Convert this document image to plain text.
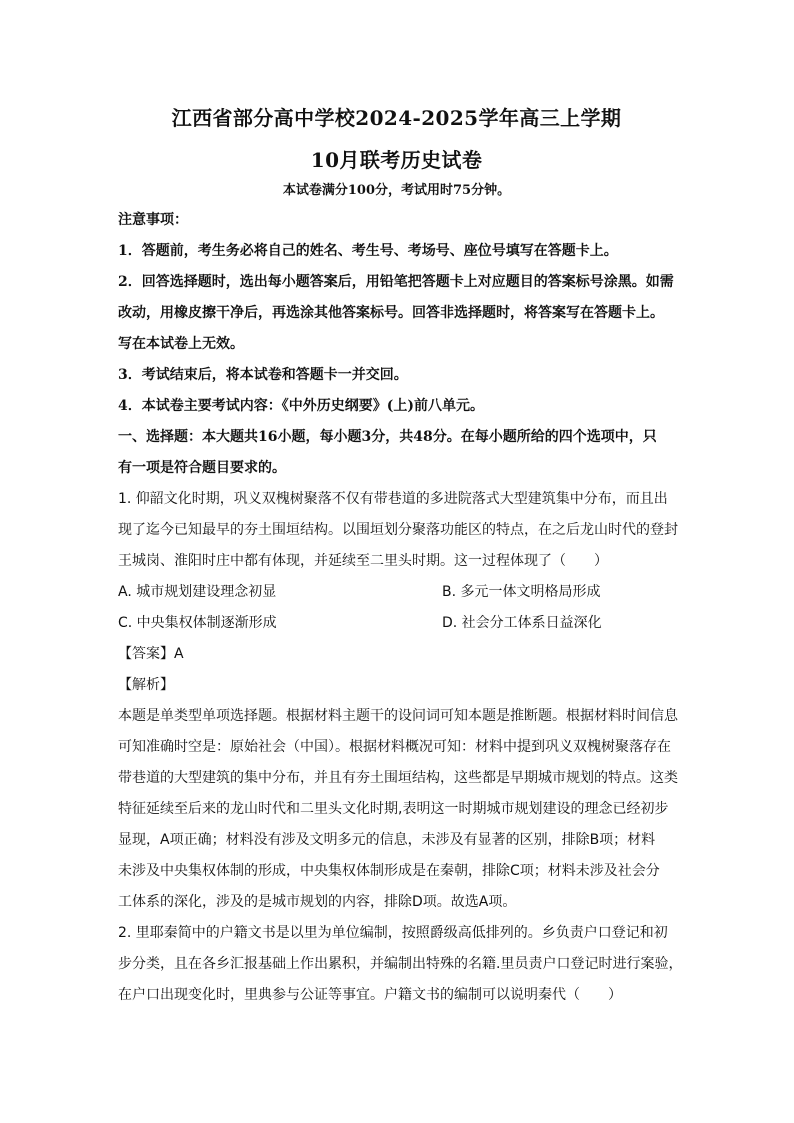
江西省部分高中学校2024-2025学年高三上学期
10月联考历史试卷
本试卷满分100分，考试用时75分钟。
注意事项：
1．答题前，考生务必将自己的姓名、考生号、考场号、座位号填写在答题卡上。
2．回答选择题时，选出每小题答案后，用铅笔把答题卡上对应题目的答案标号涂黑。如需
改动，用橡皮擦干净后，再选涂其他答案标号。回答非选择题时，将答案写在答题卡上。
写在本试卷上无效。
3．考试结束后，将本试卷和答题卡一并交回。
4．本试卷主要考试内容：《中外历史纲要》(上)前八单元。
一、选择题：本大题共16小题，每小题3分，共48分。在每小题所给的四个选项中，只
有一项是符合题目要求的。
1. 仰韶文化时期，巩义双槐树聚落不仅有带巷道的多进院落式大型建筑集中分布，而且出
现了迄今已知最早的夯土围垣结构。以围垣划分聚落功能区的特点，在之后龙山时代的登封
王城岗、淮阳时庄中都有体现，并延续至二里头时期。这一过程体现了（　　）
A. 城市规划建设理念初显	B. 多元一体文明格局形成
C. 中央集权体制逐渐形成	D. 社会分工体系日益深化
【答案】A
【解析】
本题是单类型单项选择题。根据材料主题干的设问词可知本题是推断题。根据材料时间信息
可知准确时空是：原始社会（中国）。根据材料概况可知：材料中提到巩义双槐树聚落存在
带巷道的大型建筑的集中分布，并且有夯土围垣结构，这些都是早期城市规划的特点。这类
特征延续至后来的龙山时代和二里头文化时期,表明这一时期城市规划建设的理念已经初步
显现，A项正确；材料没有涉及文明多元的信息，未涉及有显著的区别，排除B项；材料
未涉及中央集权体制的形成，中央集权体制形成是在秦朝，排除C项；材料未涉及社会分
工体系的深化，涉及的是城市规划的内容，排除D项。故选A项。
2. 里耶秦简中的户籍文书是以里为单位编制，按照爵级高低排列的。乡负责户口登记和初
步分类，且在各乡汇报基础上作出累积，并编制出特殊的名籍.里员责户口登记时进行案验，
在户口出现变化时，里典参与公证等事宜。户籍文书的编制可以说明秦代（　　）
